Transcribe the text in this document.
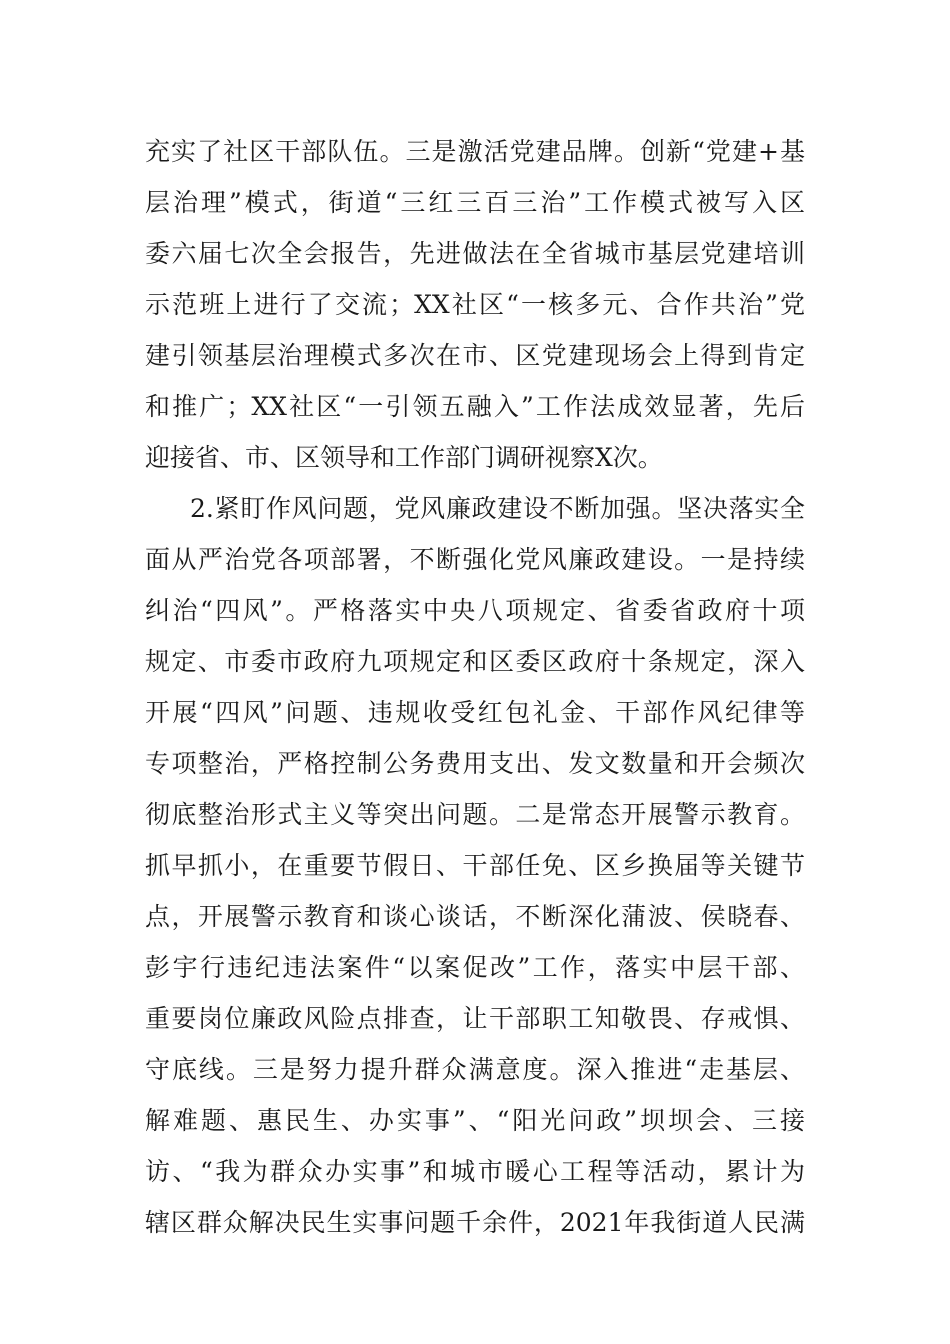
充实了社区干部队伍。三是激活党建品牌。创新“党建+基
层治理”模式，街道“三红三百三治”工作模式被写入区
委六届七次全会报告，先进做法在全省城市基层党建培训
示范班上进行了交流；XX社区“一核多元、合作共治”党
建引领基层治理模式多次在市、区党建现场会上得到肯定
和推广；XX社区“一引领五融入”工作法成效显著，先后
迎接省、市、区领导和工作部门调研视察X次。
2.紧盯作风问题，党风廉政建设不断加强。坚决落实全
面从严治党各项部署，不断强化党风廉政建设。一是持续
纠治“四风”。严格落实中央八项规定、省委省政府十项
规定、市委市政府九项规定和区委区政府十条规定，深入
开展“四风”问题、违规收受红包礼金、干部作风纪律等
专项整治，严格控制公务费用支出、发文数量和开会频次
彻底整治形式主义等突出问题。二是常态开展警示教育。
抓早抓小，在重要节假日、干部任免、区乡换届等关键节
点，开展警示教育和谈心谈话，不断深化蒲波、侯晓春、
彭宇行违纪违法案件“以案促改”工作，落实中层干部、
重要岗位廉政风险点排查，让干部职工知敬畏、存戒惧、
守底线。三是努力提升群众满意度。深入推进“走基层、
解难题、惠民生、办实事”、“阳光问政”坝坝会、三接
访、“我为群众办实事”和城市暖心工程等活动，累计为
辖区群众解决民生实事问题千余件，2021年我街道人民满
